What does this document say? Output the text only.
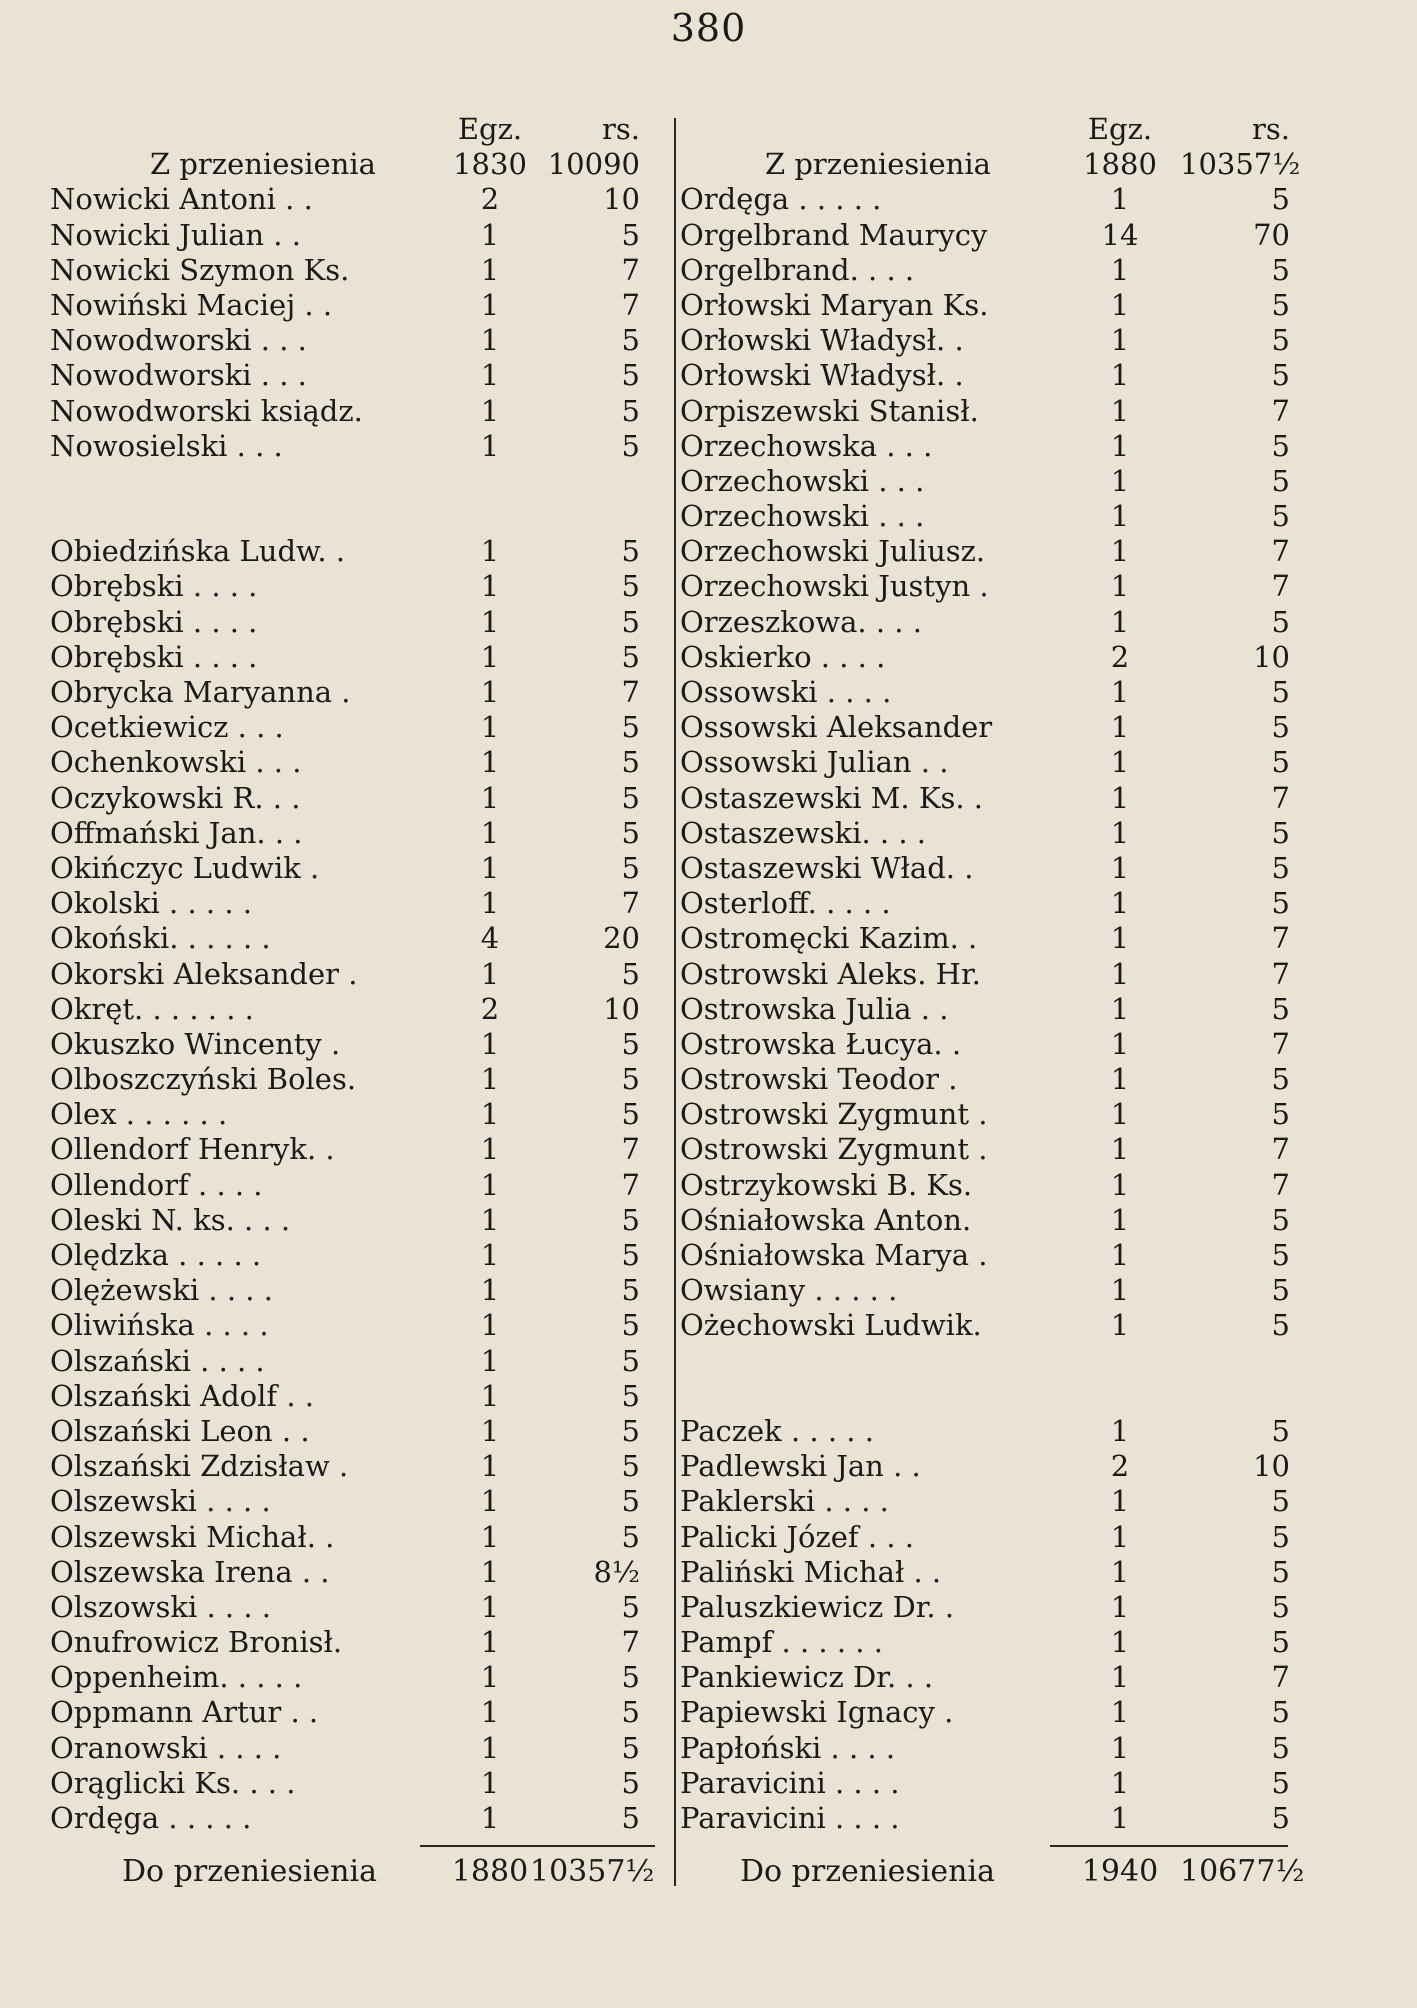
380
Egz.	rs.
Z przeniesienia	1830 10090
Nowicki Antoni . .	2	10
Nowicki Julian . .	1	5
Nowicki Szymon Ks.	1	7
Nowiński Maciej . .	1	7
Nowodworski . . .	1	5
Nowodworski . . .	1	5
Nowodworski ksiądz.	1	5
Nowosielski . . .	1	5
Obiedzińska Ludw. .	1	5
Obrębski . . . .	1	5
Obrębski . . . .	1	5
Obrębski . . . .	1	5
Obrycka Maryanna .	1	7
Ocetkiewicz . . .	1	5
Ochenkowski . . .	1	5
Oczykowski R. . .	1	5
Offmański Jan. . .	1	5
Okińczyc Ludwik .	1	5
Okolski . . . . .	1	7
Okoński. . . . . .	4	20
Okorski Aleksander .	1	5
Okręt. . . . . . .	2	10
Okuszko Wincenty .	1	5
Olboszczyński Boles.	1	5
Olex . . . . . .	1	5
Ollendorf Henryk. .	1	7
Ollendorf . . . .	1	7
Oleski N. ks. . . .	1	5
Olędzka . . . . .	1	5
Olężewski . . . .	1	5
Oliwińska . . . .	1	5
Olszański . . . .	1	5
Olszański Adolf . .	1	5
Olszański Leon . .	1	5
Olszański Zdzisław .	1	5
Olszewski . . . .	1	5
Olszewski Michał. .	1	5
Olszewska Irena . .	1	8½
Olszowski . . . .	1	5
Onufrowicz Bronisł.	1	7
Oppenheim. . . . .	1	5
Oppmann Artur . .	1	5
Oranowski . . . .	1	5
Orąglicki Ks. . . .	1	5
Ordęga . . . . .	1	5
Do przeniesienia 1880 10357½
Egz.	rs.
Z przeniesienia	1880 10357½
Ordęga . . . . .	1	5
Orgelbrand Maurycy	14	70
Orgelbrand. . . .	1	5
Orłowski Maryan Ks.	1	5
Orłowski Władysł. .	1	5
Orłowski Władysł. .	1	5
Orpiszewski Stanisł.	1	7
Orzechowska . . .	1	5
Orzechowski . . .	1	5
Orzechowski . . .	1	5
Orzechowski Juliusz.	1	7
Orzechowski Justyn .	1	7
Orzeszkowa. . . .	1	5
Oskierko . . . .	2	10
Ossowski . . . .	1	5
Ossowski Aleksander	1	5
Ossowski Julian . .	1	5
Ostaszewski M. Ks. .	1	7
Ostaszewski. . . .	1	5
Ostaszewski Wład. .	1	5
Osterloff. . . . .	1	5
Ostromęcki Kazim. .	1	7
Ostrowski Aleks. Hr.	1	7
Ostrowska Julia . .	1	5
Ostrowska Łucya. .	1	7
Ostrowski Teodor .	1	5
Ostrowski Zygmunt .	1	5
Ostrowski Zygmunt .	1	7
Ostrzykowski B. Ks.	1	7
Ośniałowska Anton.	1	5
Ośniałowska Marya .	1	5
Owsiany . . . . .	1	5
Ożechowski Ludwik.	1	5
Paczek . . . . .	1	5
Padlewski Jan . .	2	10
Paklerski . . . .	1	5
Palicki Józef . . .	1	5
Paliński Michał . .	1	5
Paluszkiewicz Dr. .	1	5
Pampf . . . . . .	1	5
Pankiewicz Dr. . .	1	7
Papiewski Ignacy .	1	5
Papłoński . . . .	1	5
Paravicini . . . .	1	5
Paravicini . . . .	1	5
Do przeniesienia	1940 10677½
